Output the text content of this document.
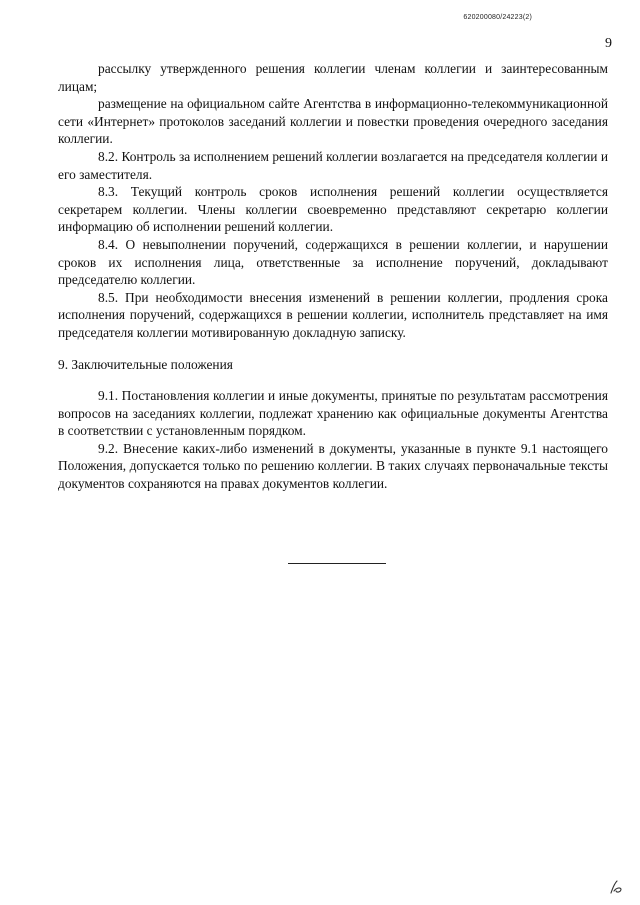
620200080/24223(2)
9

рассылку утвержденного решения коллегии членам коллегии и заинтересованным лицам;

размещение на официальном сайте Агентства в информационно-телекоммуникационной сети «Интернет» протоколов заседаний коллегии и повестки проведения очередного заседания коллегии.

8.2. Контроль за исполнением решений коллегии возлагается на председателя коллегии и его заместителя.

8.3. Текущий контроль сроков исполнения решений коллегии осуществляется секретарем коллегии. Члены коллегии своевременно представляют секретарю коллегии информацию об исполнении решений коллегии.

8.4. О невыполнении поручений, содержащихся в решении коллегии, и нарушении сроков их исполнения лица, ответственные за исполнение поручений, докладывают председателю коллегии.

8.5. При необходимости внесения изменений в решении коллегии, продления срока исполнения поручений, содержащихся в решении коллегии, исполнитель представляет на имя председателя коллегии мотивированную докладную записку.

9. Заключительные положения

9.1. Постановления коллегии и иные документы, принятые по результатам рассмотрения вопросов на заседаниях коллегии, подлежат хранению как официальные документы Агентства в соответствии с установленным порядком.

9.2. Внесение каких-либо изменений в документы, указанные в пункте 9.1 настоящего Положения, допускается только по решению коллегии. В таких случаях первоначальные тексты документов сохраняются на правах документов коллегии.
